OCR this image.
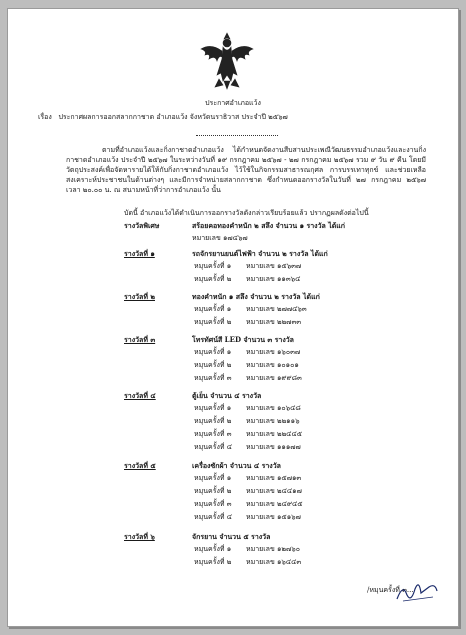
ประกาศอำเภอแว้ง
เรื่อง ประกาศผลการออกสลากกาชาด อำเภอแว้ง จังหวัดนราธิวาส ประจำปี ๒๕๖๗
ตามที่อำเภอแว้งและกิ่งกาชาดอำเภอแว้ง ได้กำหนดจัดงานสืบสานประเพณีวัฒนธรรมอำเภอแว้งและงานกิ่งกาชาดอำเภอแว้ง ประจำปี ๒๕๖๗ ในระหว่างวันที่ ๑๙ กรกฎาคม ๒๕๖๗ - ๒๗ กรกฎาคม ๒๕๖๗ รวม ๙ วัน ๙ คืน โดยมีวัตถุประสงค์เพื่อจัดหารายได้ให้กับกิ่งกาชาดอำเภอแว้ง ไว้ใช้ในกิจกรรมสาธารณกุศล การบรรเทาทุกข์ และช่วยเหลือสงเคราะห์ประชาชนในด้านต่างๆ และมีการจำหน่ายสลากกาชาด ซึ่งกำหนดออกรางวัลในวันที่ ๒๗ กรกฎาคม ๒๕๖๗ เวลา ๒๐.๐๐ น. ณ สนามหน้าที่ว่าการอำเภอแว้ง นั้น
บัดนี้ อำเภอแว้งได้ดำเนินการออกรางวัลดังกล่าวเรียบร้อยแล้ว ปรากฏผลดังต่อไปนี้
รางวัลพิเศษ	สร้อยคอทองคำหนัก ๒ สลึง จำนวน ๑ รางวัล ได้แก่
หมายเลข ๑๗๔๖๗
รางวัลที่ ๑	รถจักรยานยนต์ไฟฟ้า จำนวน ๒ รางวัล ได้แก่
หมุนครั้งที่ ๑ หมายเลข ๑๕๖๓๗
หมุนครั้งที่ ๒ หมายเลข ๑๑๓๖๔
รางวัลที่ ๒	ทองคำหนัก ๑ สลึง จำนวน ๒ รางวัล ได้แก่
หมุนครั้งที่ ๑ หมายเลข ๒๗๗๔๖๓
หมุนครั้งที่ ๒ หมายเลข ๒๒๗๓๓
รางวัลที่ ๓	โทรทัศน์สี LED จำนวน ๓ รางวัล
หมุนครั้งที่ ๑ หมายเลข ๑๖๐๓๗
หมุนครั้งที่ ๒ หมายเลข ๑๐๑๐๑
หมุนครั้งที่ ๓ หมายเลข ๑๙๙๘๓
รางวัลที่ ๔	ตู้เย็น จำนวน ๔ รางวัล
หมุนครั้งที่ ๑ หมายเลข ๑๐๖๔๘
หมุนครั้งที่ ๒ หมายเลข ๒๒๑๑๖
หมุนครั้งที่ ๓ หมายเลข ๒๒๔๔๕
หมุนครั้งที่ ๔ หมายเลข ๑๑๑๗๗
รางวัลที่ ๕	เครื่องซักผ้า จำนวน ๔ รางวัล
หมุนครั้งที่ ๑ หมายเลข ๑๕๗๑๓
หมุนครั้งที่ ๒ หมายเลข ๒๔๔๑๗
หมุนครั้งที่ ๓ หมายเลข ๒๔๙๔๕
หมุนครั้งที่ ๔ หมายเลข ๑๕๑๖๗
รางวัลที่ ๖	จักรยาน จำนวน ๕ รางวัล
หมุนครั้งที่ ๑ หมายเลข ๑๒๗๖๐
หมุนครั้งที่ ๒ หมายเลข ๑๖๔๔๓
/หมุนครั้งที่ ๓...
